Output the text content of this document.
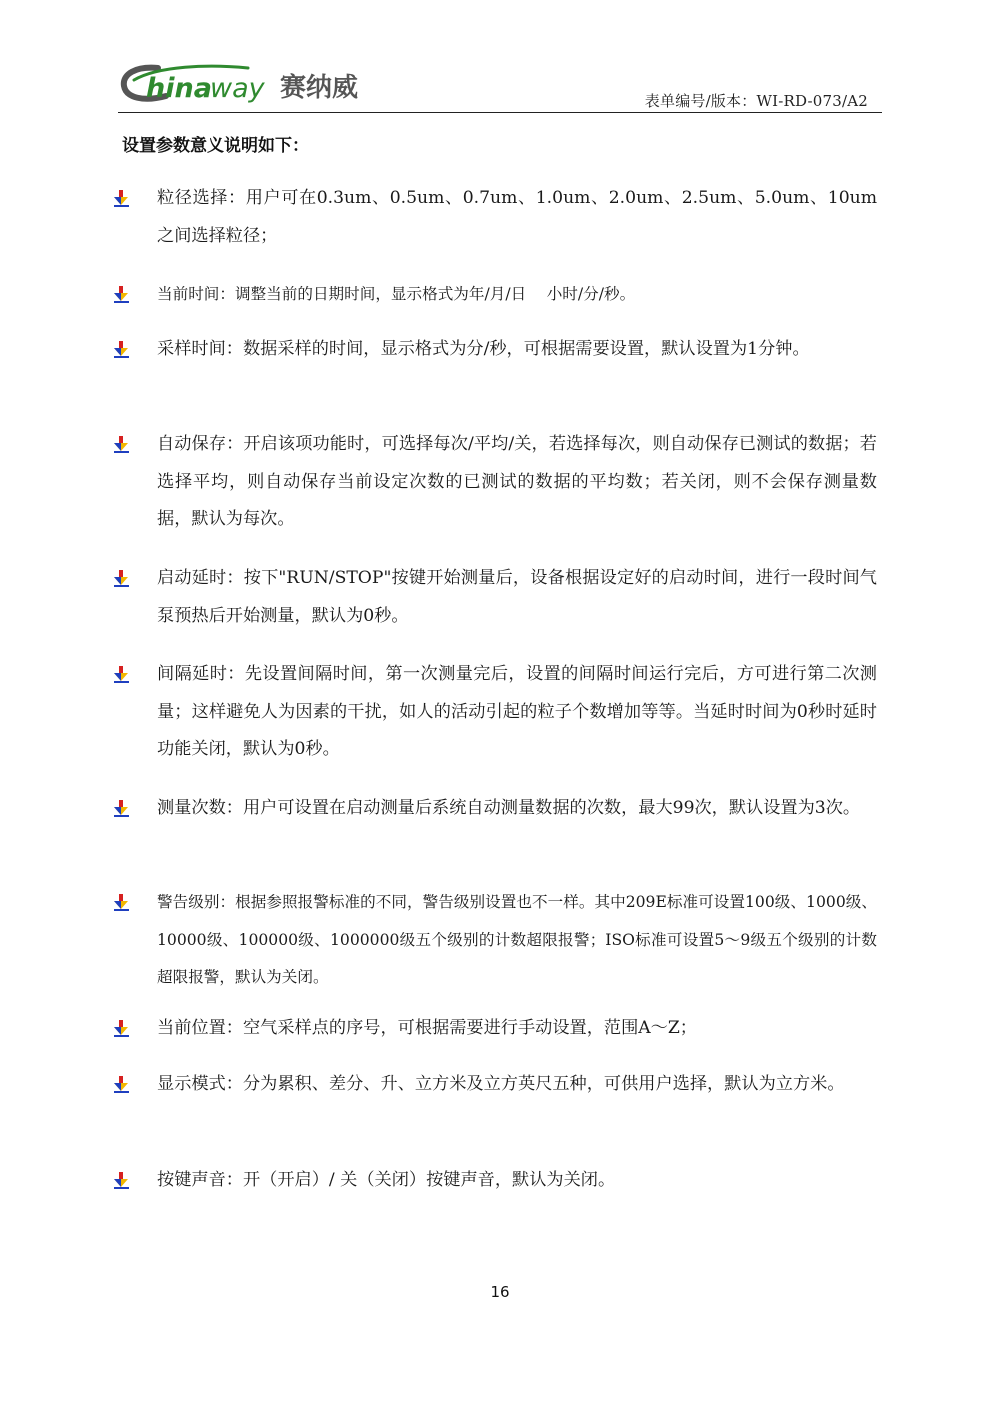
hina
way 赛纳威	表单编号/版本：WI-RD-073/A2
设置参数意义说明如下：
粒径选择：用户可在0.3um、0.5um、0.7um、1.0um、2.0um、2.5um、5.0um、10um之间选择粒径；
当前时间：调整当前的日期时间，显示格式为年/月/日　 小时/分/秒。
采样时间：数据采样的时间，显示格式为分/秒，可根据需要设置，默认设置为1分钟。
自动保存：开启该项功能时，可选择每次/平均/关，若选择每次，则自动保存已测试的数据；若选择平均，则自动保存当前设定次数的已测试的数据的平均数；若关闭，则不会保存测量数据，默认为每次。
启动延时：按下"RUN/STOP"按键开始测量后，设备根据设定好的启动时间，进行一段时间气泵预热后开始测量，默认为0秒。
间隔延时：先设置间隔时间，第一次测量完后，设置的间隔时间运行完后，方可进行第二次测量；这样避免人为因素的干扰，如人的活动引起的粒子个数增加等等。当延时时间为0秒时延时功能关闭，默认为0秒。
测量次数：用户可设置在启动测量后系统自动测量数据的次数，最大99次，默认设置为3次。
警告级别：根据参照报警标准的不同，警告级别设置也不一样。其中209E标准可设置100级、1000级、10000级、100000级、1000000级五个级别的计数超限报警；ISO标准可设置5～9级五个级别的计数超限报警，默认为关闭。
当前位置：空气采样点的序号，可根据需要进行手动设置，范围A～Z；
显示模式：分为累积、差分、升、立方米及立方英尺五种，可供用户选择，默认为立方米。
按键声音：开（开启）/ 关（关闭）按键声音，默认为关闭。
16
